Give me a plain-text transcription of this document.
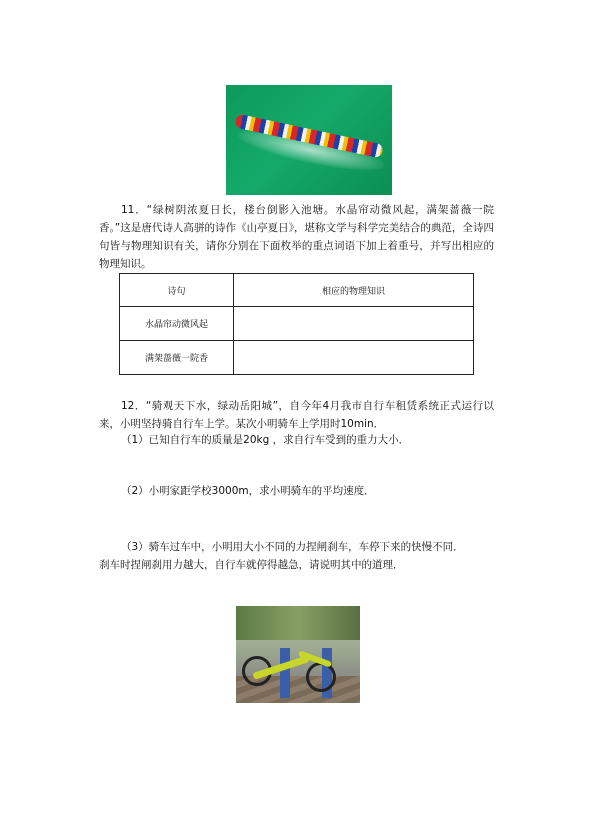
11．“绿树阴浓夏日长，楼台倒影入池塘。水晶帘动微风起，满架蔷薇一院香。”这是唐代诗人高骈的诗作《山亭夏日》，堪称文学与科学完美结合的典范，全诗四句皆与物理知识有关，请你分别在下面枚举的重点词语下加上着重号，并写出相应的物理知识。
诗句	相应的物理知识
水晶帘动微风起	
满架蔷薇一院香	
12．“骑观天下水，绿动岳阳城”，自今年4月我市自行车租赁系统正式运行以来，小明坚持骑自行车上学。某次小明骑车上学用时10min．
（1）已知自行车的质量是20kg ，求自行车受到的重力大小．
（2）小明家距学校3000m，求小明骑车的平均速度．
（3）骑车过车中，小明用大小不同的力捏闸刹车，车停下来的快慢不同．
刹车时捏闸刹用力越大，自行车就停得越急，请说明其中的道理．
